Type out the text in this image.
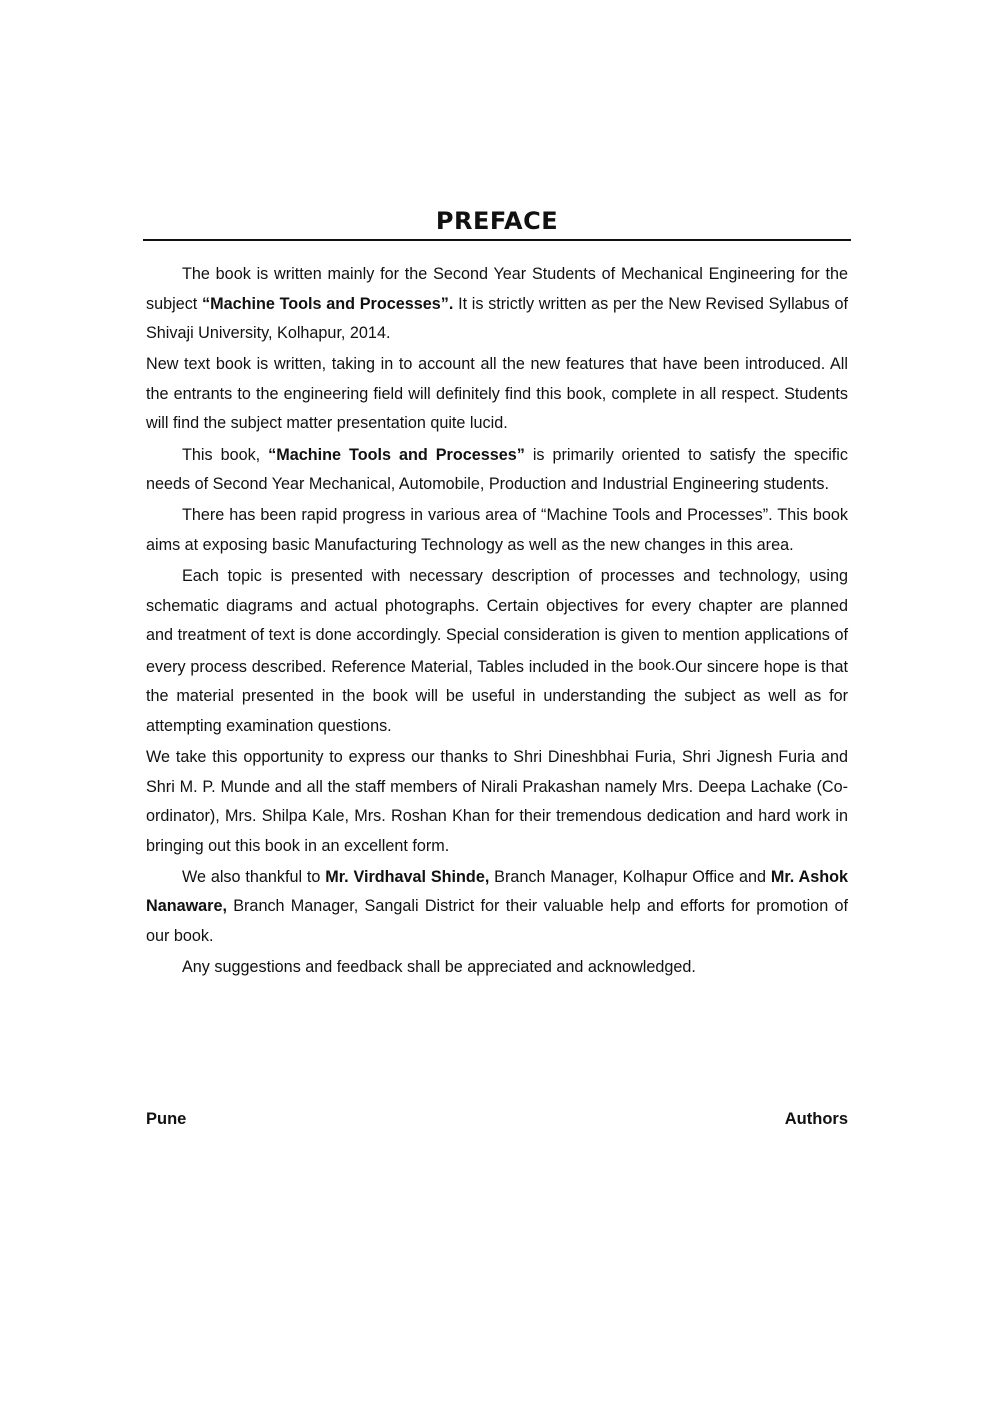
PREFACE

The book is written mainly for the Second Year Students of Mechanical Engineering for the subject “Machine Tools and Processes”. It is strictly written as per the New Revised Syllabus of Shivaji University, Kolhapur, 2014.

New text book is written, taking in to account all the new features that have been introduced. All the entrants to the engineering field will definitely find this book, complete in all respect. Students will find the subject matter presentation quite lucid.

This book, “Machine Tools and Processes” is primarily oriented to satisfy the specific needs of Second Year Mechanical, Automobile, Production and Industrial Engineering students.

There has been rapid progress in various area of “Machine Tools and Processes”. This book aims at exposing basic Manufacturing Technology as well as the new changes in this area.

Each topic is presented with necessary description of processes and technology, using schematic diagrams and actual photographs. Certain objectives for every chapter are planned and treatment of text is done accordingly. Special consideration is given to mention applications of every process described. Reference Material, Tables included in the book.Our sincere hope is that the material presented in the book will be useful in understanding the subject as well as for attempting examination questions.

We take this opportunity to express our thanks to Shri Dineshbhai Furia, Shri Jignesh Furia and Shri M. P. Munde and all the staff members of Nirali Prakashan namely Mrs. Deepa Lachake (Co-ordinator), Mrs. Shilpa Kale, Mrs. Roshan Khan for their tremendous dedication and hard work in bringing out this book in an excellent form.

We also thankful to Mr. Virdhaval Shinde, Branch Manager, Kolhapur Office and Mr. Ashok Nanaware, Branch Manager, Sangali District for their valuable help and efforts for promotion of our book.

Any suggestions and feedback shall be appreciated and acknowledged.

Pune	Authors
